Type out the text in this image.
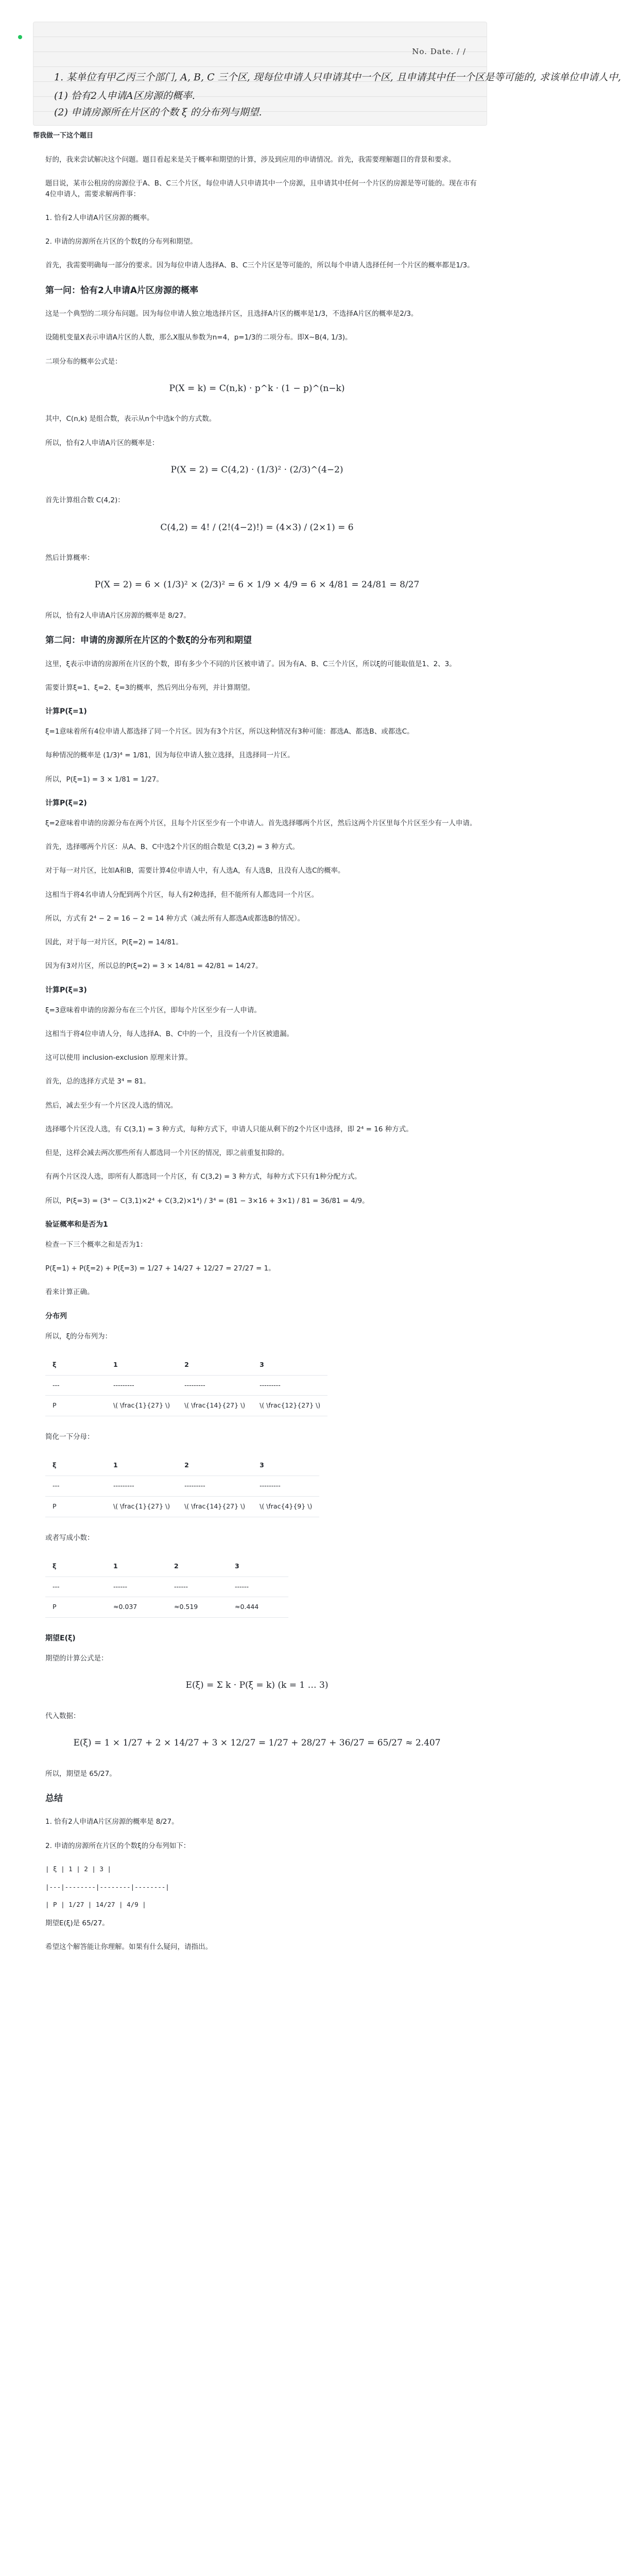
No. Date. / /
1. 某单位有甲乙丙三个部门, A, B, C 三个区, 现每位申请人只申请其中一个区, 且申请其中任一个区是等可能的, 求该单位申请人中,
(1) 恰有2人申请A区房源的概率.
(2) 申请房源所在片区的个数 ξ 的分布列与期望.
帮我做一下这个题目

好的，我来尝试解决这个问题。题目看起来是关于概率和期望的计算，涉及到应用的申请情况。首先，我需要理解题目的背景和要求。

题目说，某市公租房的房源位于A、B、C三个片区，每位申请人只申请其中一个房源，且申请其中任何一个片区的房源是等可能的。现在市有4位申请人，需要求解两件事：

1. 恰有2人申请A片区房源的概率。

2. 申请的房源所在片区的个数ξ的分布列和期望。

首先，我需要明确每一部分的要求。因为每位申请人选择A、B、C三个片区是等可能的，所以每个申请人选择任何一个片区的概率都是1/3。

第一问：恰有2人申请A片区房源的概率

这是一个典型的二项分布问题。因为每位申请人独立地选择片区，且选择A片区的概率是1/3，不选择A片区的概率是2/3。

设随机变量X表示申请A片区的人数，那么X服从参数为n=4，p=1/3的二项分布。即X∼B(4, 1/3)。

二项分布的概率公式是：

P(X = k) = C(n,k) · p^k · (1 − p)^(n−k)

其中，C(n,k) 是组合数，表示从n个中选k个的方式数。

所以，恰有2人申请A片区的概率是：

P(X = 2) = C(4,2) · (1/3)² · (2/3)^(4−2)

首先计算组合数 C(4,2)：

C(4,2) = 4! / (2!(4−2)!) = (4×3) / (2×1) = 6

然后计算概率：

P(X = 2) = 6 × (1/3)² × (2/3)² = 6 × 1/9 × 4/9 = 6 × 4/81 = 24/81 = 8/27

所以，恰有2人申请A片区房源的概率是 8/27。

第二问：申请的房源所在片区的个数ξ的分布列和期望

这里，ξ表示申请的房源所在片区的个数，即有多少个不同的片区被申请了。因为有A、B、C三个片区，所以ξ的可能取值是1、2、3。

需要计算ξ=1、ξ=2、ξ=3的概率，然后列出分布列，并计算期望。

计算P(ξ=1)

ξ=1意味着所有4位申请人都选择了同一个片区。因为有3个片区，所以这种情况有3种可能：都选A、都选B、或都选C。

每种情况的概率是 (1/3)⁴ = 1/81，因为每位申请人独立选择，且选择同一片区。

所以，P(ξ=1) = 3 × 1/81 = 1/27。

计算P(ξ=2)

ξ=2意味着申请的房源分布在两个片区，且每个片区至少有一个申请人。首先选择哪两个片区，然后这两个片区里每个片区至少有一人申请。

首先，选择哪两个片区：从A、B、C中选2个片区的组合数是 C(3,2) = 3 种方式。

对于每一对片区，比如A和B，需要计算4位申请人中，有人选A，有人选B，且没有人选C的概率。

这相当于将4名申请人分配到两个片区，每人有2种选择，但不能所有人都选同一个片区。

所以，方式有 2⁴ − 2 = 16 − 2 = 14 种方式（减去所有人都选A或都选B的情况）。

因此，对于每一对片区，P(ξ=2) = 14/81。

因为有3对片区，所以总的P(ξ=2) = 3 × 14/81 = 42/81 = 14/27。

计算P(ξ=3)

ξ=3意味着申请的房源分布在三个片区，即每个片区至少有一人申请。

这相当于将4位申请人分，每人选择A、B、C中的一个，且没有一个片区被遗漏。

这可以使用 inclusion-exclusion 原理来计算。

首先，总的选择方式是 3⁴ = 81。

然后，减去至少有一个片区没人选的情况。

选择哪个片区没人选，有 C(3,1) = 3 种方式，每种方式下，申请人只能从剩下的2个片区中选择，即 2⁴ = 16 种方式。

但是，这样会减去两次那些所有人都选同一个片区的情况，即之前重复扣除的。

有两个片区没人选，即所有人都选同一个片区，有 C(3,2) = 3 种方式，每种方式下只有1种分配方式。

所以，P(ξ=3) = (3⁴ − C(3,1)×2⁴ + C(3,2)×1⁴) / 3⁴ = (81 − 3×16 + 3×1) / 81 = 36/81 = 4/9。

验证概率和是否为1

检查一下三个概率之和是否为1：

P(ξ=1) + P(ξ=2) + P(ξ=3) = 1/27 + 14/27 + 12/27 = 27/27 = 1。

看来计算正确。

分布列

所以，ξ的分布列为：

ξ	1	2	3
---	---------	---------	---------
P	\( \frac{1}{27} \)	\( \frac{14}{27} \)	\( \frac{12}{27} \)

简化一下分母：

ξ	1	2	3
---	---------	---------	---------
P	\( \frac{1}{27} \)	\( \frac{14}{27} \)	\( \frac{4}{9} \)

或者写成小数：

ξ	1	2	3
---	------	------	------
P	≈0.037	≈0.519	≈0.444
期望E(ξ)

期望的计算公式是：

E(ξ) = Σ k · P(ξ = k) (k = 1 … 3)

代入数据：

E(ξ) = 1 × 1/27 + 2 × 14/27 + 3 × 12/27 = 1/27 + 28/27 + 36/27 = 65/27 ≈ 2.407

所以，期望是 65/27。

总结

1. 恰有2人申请A片区房源的概率是 8/27。

2. 申请的房源所在片区的个数ξ的分布列如下：

| ξ | 1 | 2 | 3 |
|---|--------|--------|--------|
| P | 1/27 | 14/27 | 4/9 |

期望E(ξ)是 65/27。

希望这个解答能让你理解。如果有什么疑问，请指出。
